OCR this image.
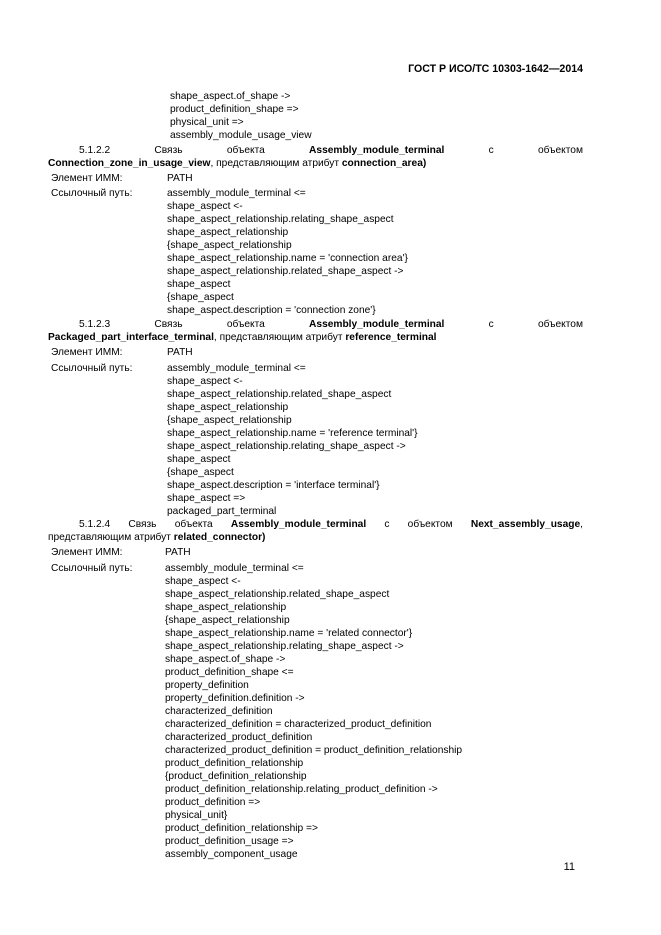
ГОСТ Р ИСО/ТС 10303-1642—2014
shape_aspect.of_shape ->
product_definition_shape =>
physical_unit =>
assembly_module_usage_view
5.1.2.2	Связь	объекта	Assembly_module_terminal	с	объектом
Connection_zone_in_usage_view, представляющим атрибут connection_area)
Элемент ИММ:	PATH
Ссылочный путь:	assembly_module_terminal <=
shape_aspect <-
shape_aspect_relationship.relating_shape_aspect
shape_aspect_relationship
{shape_aspect_relationship
shape_aspect_relationship.name = 'connection area'}
shape_aspect_relationship.related_shape_aspect ->
shape_aspect
{shape_aspect
shape_aspect.description = 'connection zone'}
5.1.2.3	Связь	объекта	Assembly_module_terminal	с	объектом
Packaged_part_interface_terminal, представляющим атрибут reference_terminal
Элемент ИММ:	PATH
Ссылочный путь:	assembly_module_terminal <=
shape_aspect <-
shape_aspect_relationship.related_shape_aspect
shape_aspect_relationship
{shape_aspect_relationship
shape_aspect_relationship.name = 'reference terminal'}
shape_aspect_relationship.relating_shape_aspect ->
shape_aspect
{shape_aspect
shape_aspect.description = 'interface terminal'}
shape_aspect =>
packaged_part_terminal
5.1.2.4 Связь объекта Assembly_module_terminal с объектом Next_assembly_usage,
представляющим атрибут related_connector)
Элемент ИММ:	PATH
Ссылочный путь:	assembly_module_terminal <=
shape_aspect <-
shape_aspect_relationship.related_shape_aspect
shape_aspect_relationship
{shape_aspect_relationship
shape_aspect_relationship.name = 'related connector'}
shape_aspect_relationship.relating_shape_aspect ->
shape_aspect.of_shape ->
product_definition_shape <=
property_definition
property_definition.definition ->
characterized_definition
characterized_definition = characterized_product_definition
characterized_product_definition
characterized_product_definition = product_definition_relationship
product_definition_relationship
{product_definition_relationship
product_definition_relationship.relating_product_definition ->
product_definition =>
physical_unit}
product_definition_relationship =>
product_definition_usage =>
assembly_component_usage
11
